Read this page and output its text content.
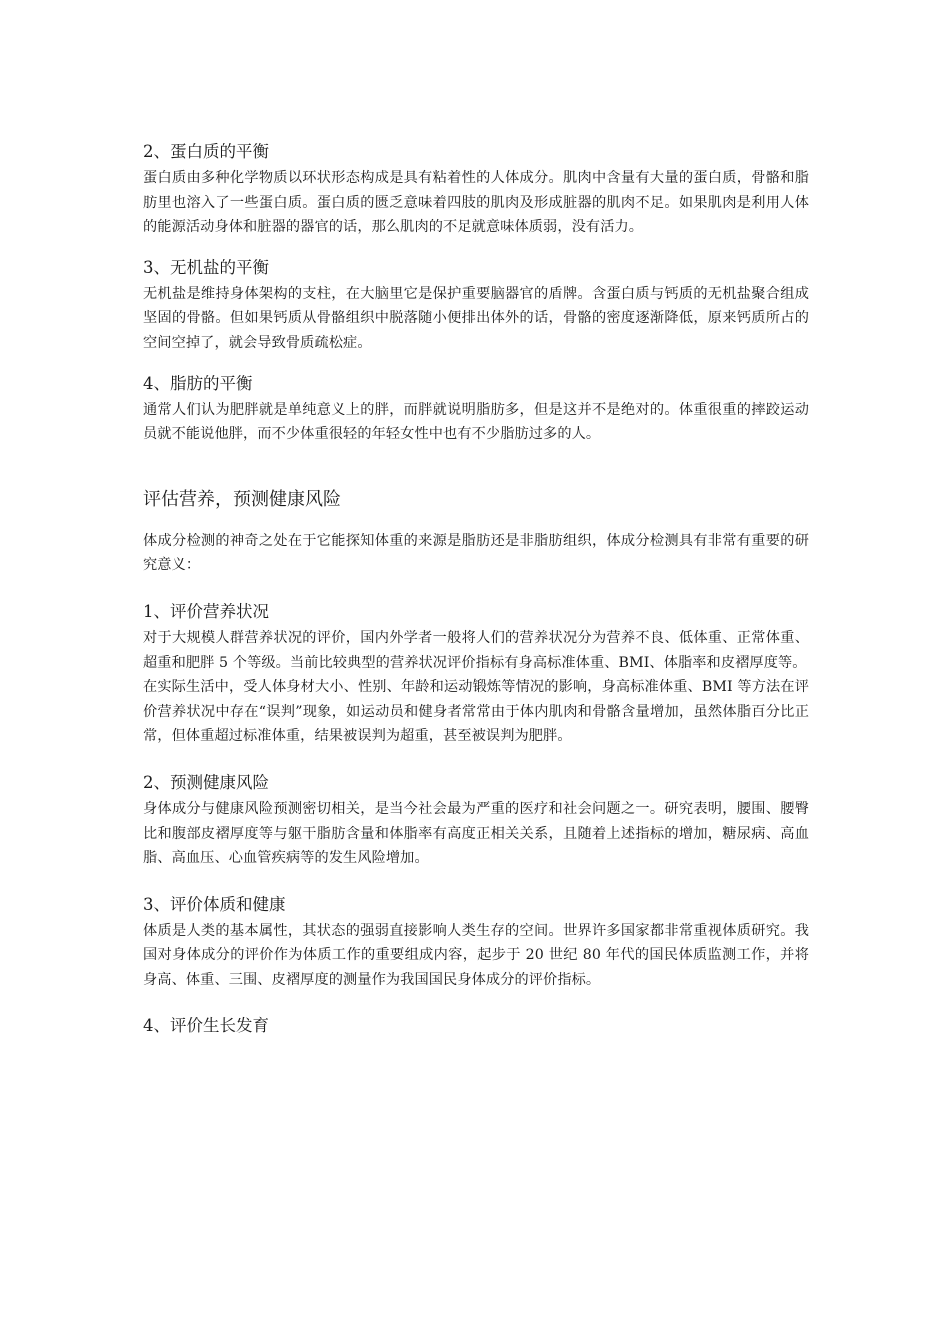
2、蛋白质的平衡

蛋白质由多种化学物质以环状形态构成是具有粘着性的人体成分。肌肉中含量有大量的蛋白质，骨骼和脂肪里也溶入了一些蛋白质。蛋白质的匮乏意味着四肢的肌肉及形成脏器的肌肉不足。如果肌肉是利用人体的能源活动身体和脏器的器官的话，那么肌肉的不足就意味体质弱，没有活力。

3、无机盐的平衡

无机盐是维持身体架构的支柱，在大脑里它是保护重要脑器官的盾牌。含蛋白质与钙质的无机盐聚合组成坚固的骨骼。但如果钙质从骨骼组织中脱落随小便排出体外的话，骨骼的密度逐渐降低，原来钙质所占的空间空掉了，就会导致骨质疏松症。

4、脂肪的平衡

通常人们认为肥胖就是单纯意义上的胖，而胖就说明脂肪多，但是这并不是绝对的。体重很重的摔跤运动员就不能说他胖，而不少体重很轻的年轻女性中也有不少脂肪过多的人。

评估营养，预测健康风险

体成分检测的神奇之处在于它能探知体重的来源是脂肪还是非脂肪组织，体成分检测具有非常有重要的研究意义：

1、评价营养状况

对于大规模人群营养状况的评价，国内外学者一般将人们的营养状况分为营养不良、低体重、正常体重、超重和肥胖 5 个等级。当前比较典型的营养状况评价指标有身高标准体重、BMI、体脂率和皮褶厚度等。

在实际生活中，受人体身材大小、性别、年龄和运动锻炼等情况的影响，身高标准体重、BMI 等方法在评价营养状况中存在“误判”现象，如运动员和健身者常常由于体内肌肉和骨骼含量增加，虽然体脂百分比正常，但体重超过标准体重，结果被误判为超重，甚至被误判为肥胖。

2、预测健康风险

身体成分与健康风险预测密切相关，是当今社会最为严重的医疗和社会问题之一。研究表明，腰围、腰臀比和腹部皮褶厚度等与躯干脂肪含量和体脂率有高度正相关关系，且随着上述指标的增加，糖尿病、高血脂、高血压、心血管疾病等的发生风险增加。

3、评价体质和健康

体质是人类的基本属性，其状态的强弱直接影响人类生存的空间。世界许多国家都非常重视体质研究。我国对身体成分的评价作为体质工作的重要组成内容，起步于 20 世纪 80 年代的国民体质监测工作，并将身高、体重、三围、皮褶厚度的测量作为我国国民身体成分的评价指标。

4、评价生长发育
